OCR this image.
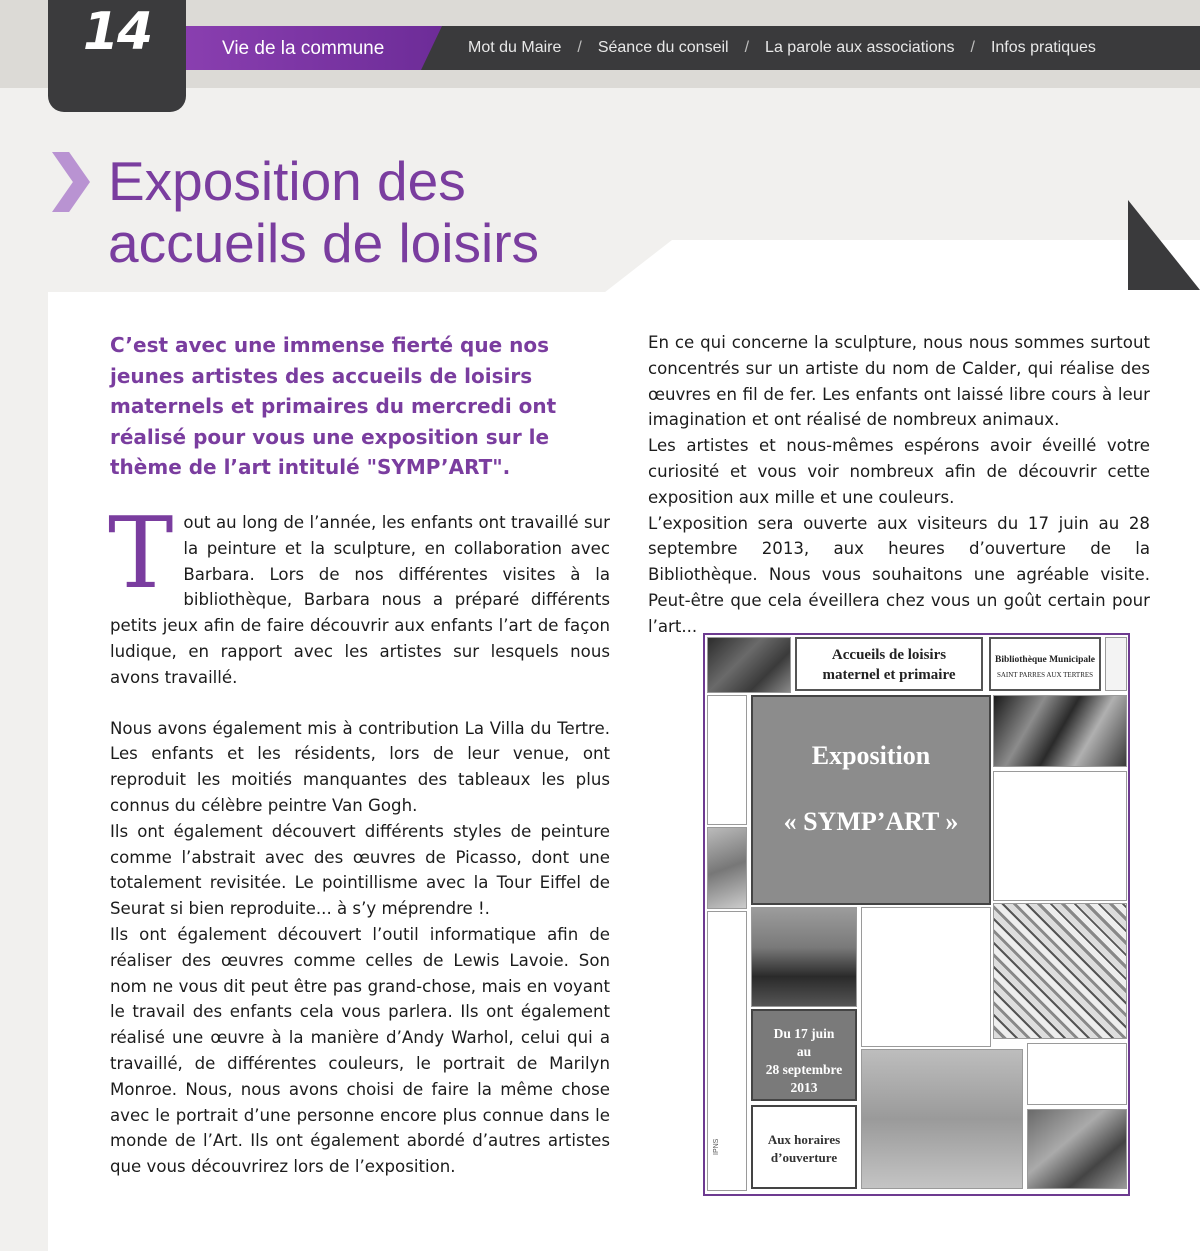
14	Vie de la commune	Mot du Maire	/	Séance du conseil	/	La parole aux associations	/	Infos pratiques
Exposition des
accueils de loisirs

C’est avec une immense fierté que nos jeunes artistes des accueils de loisirs maternels et primaires du mercredi ont réalisé pour vous une exposition sur le thème de l’art intitulé "SYMP’ART".

Tout au long de l’année, les enfants ont travaillé sur la peinture et la sculpture, en collaboration avec Barbara. Lors de nos différentes visites à la bibliothèque, Barbara nous a préparé différents petits jeux afin de faire découvrir aux enfants l’art de façon ludique, en rapport avec les artistes sur lesquels nous avons travaillé.

Nous avons également mis à contribution La Villa du Tertre. Les enfants et les résidents, lors de leur venue, ont reproduit les moitiés manquantes des tableaux les plus connus du célèbre peintre Van Gogh.

Ils ont également découvert différents styles de peinture comme l’abstrait avec des œuvres de Picasso, dont une totalement revisitée. Le pointillisme avec la Tour Eiffel de Seurat si bien reproduite... à s’y méprendre !.

Ils ont également découvert l’outil informatique afin de réaliser des œuvres comme celles de Lewis Lavoie. Son nom ne vous dit peut être pas grand-chose, mais en voyant le travail des enfants cela vous parlera. Ils ont également réalisé une œuvre à la manière d’Andy Warhol, celui qui a travaillé, de différentes couleurs, le portrait de Marilyn Monroe. Nous, nous avons choisi de faire la même chose avec le portrait d’une personne encore plus connue dans le monde de l’Art. Ils ont également abordé d’autres artistes que vous découvrirez lors de l’exposition.

En ce qui concerne la sculpture, nous nous sommes surtout concentrés sur un artiste du nom de Calder, qui réalise des œuvres en fil de fer. Les enfants ont laissé libre cours à leur imagination et ont réalisé de nombreux animaux.

Les artistes et nous-mêmes espérons avoir éveillé votre curiosité et vous voir nombreux afin de découvrir cette exposition aux mille et une couleurs.

L’exposition sera ouverte aux visiteurs du 17 juin au 28 septembre 2013, aux heures d’ouverture de la Bibliothèque. Nous vous souhaitons une agréable visite. Peut-être que cela éveillera chez vous un goût certain pour l’art...

Accueils de loisirs
maternel et primaire
Bibliothèque Municipale
SAINT PARRES AUX TERTRES
Exposition
« SYMP’ART »
Du 17 juin
au
28 septembre
2013
Aux horaires
d’ouverture
IPNS
